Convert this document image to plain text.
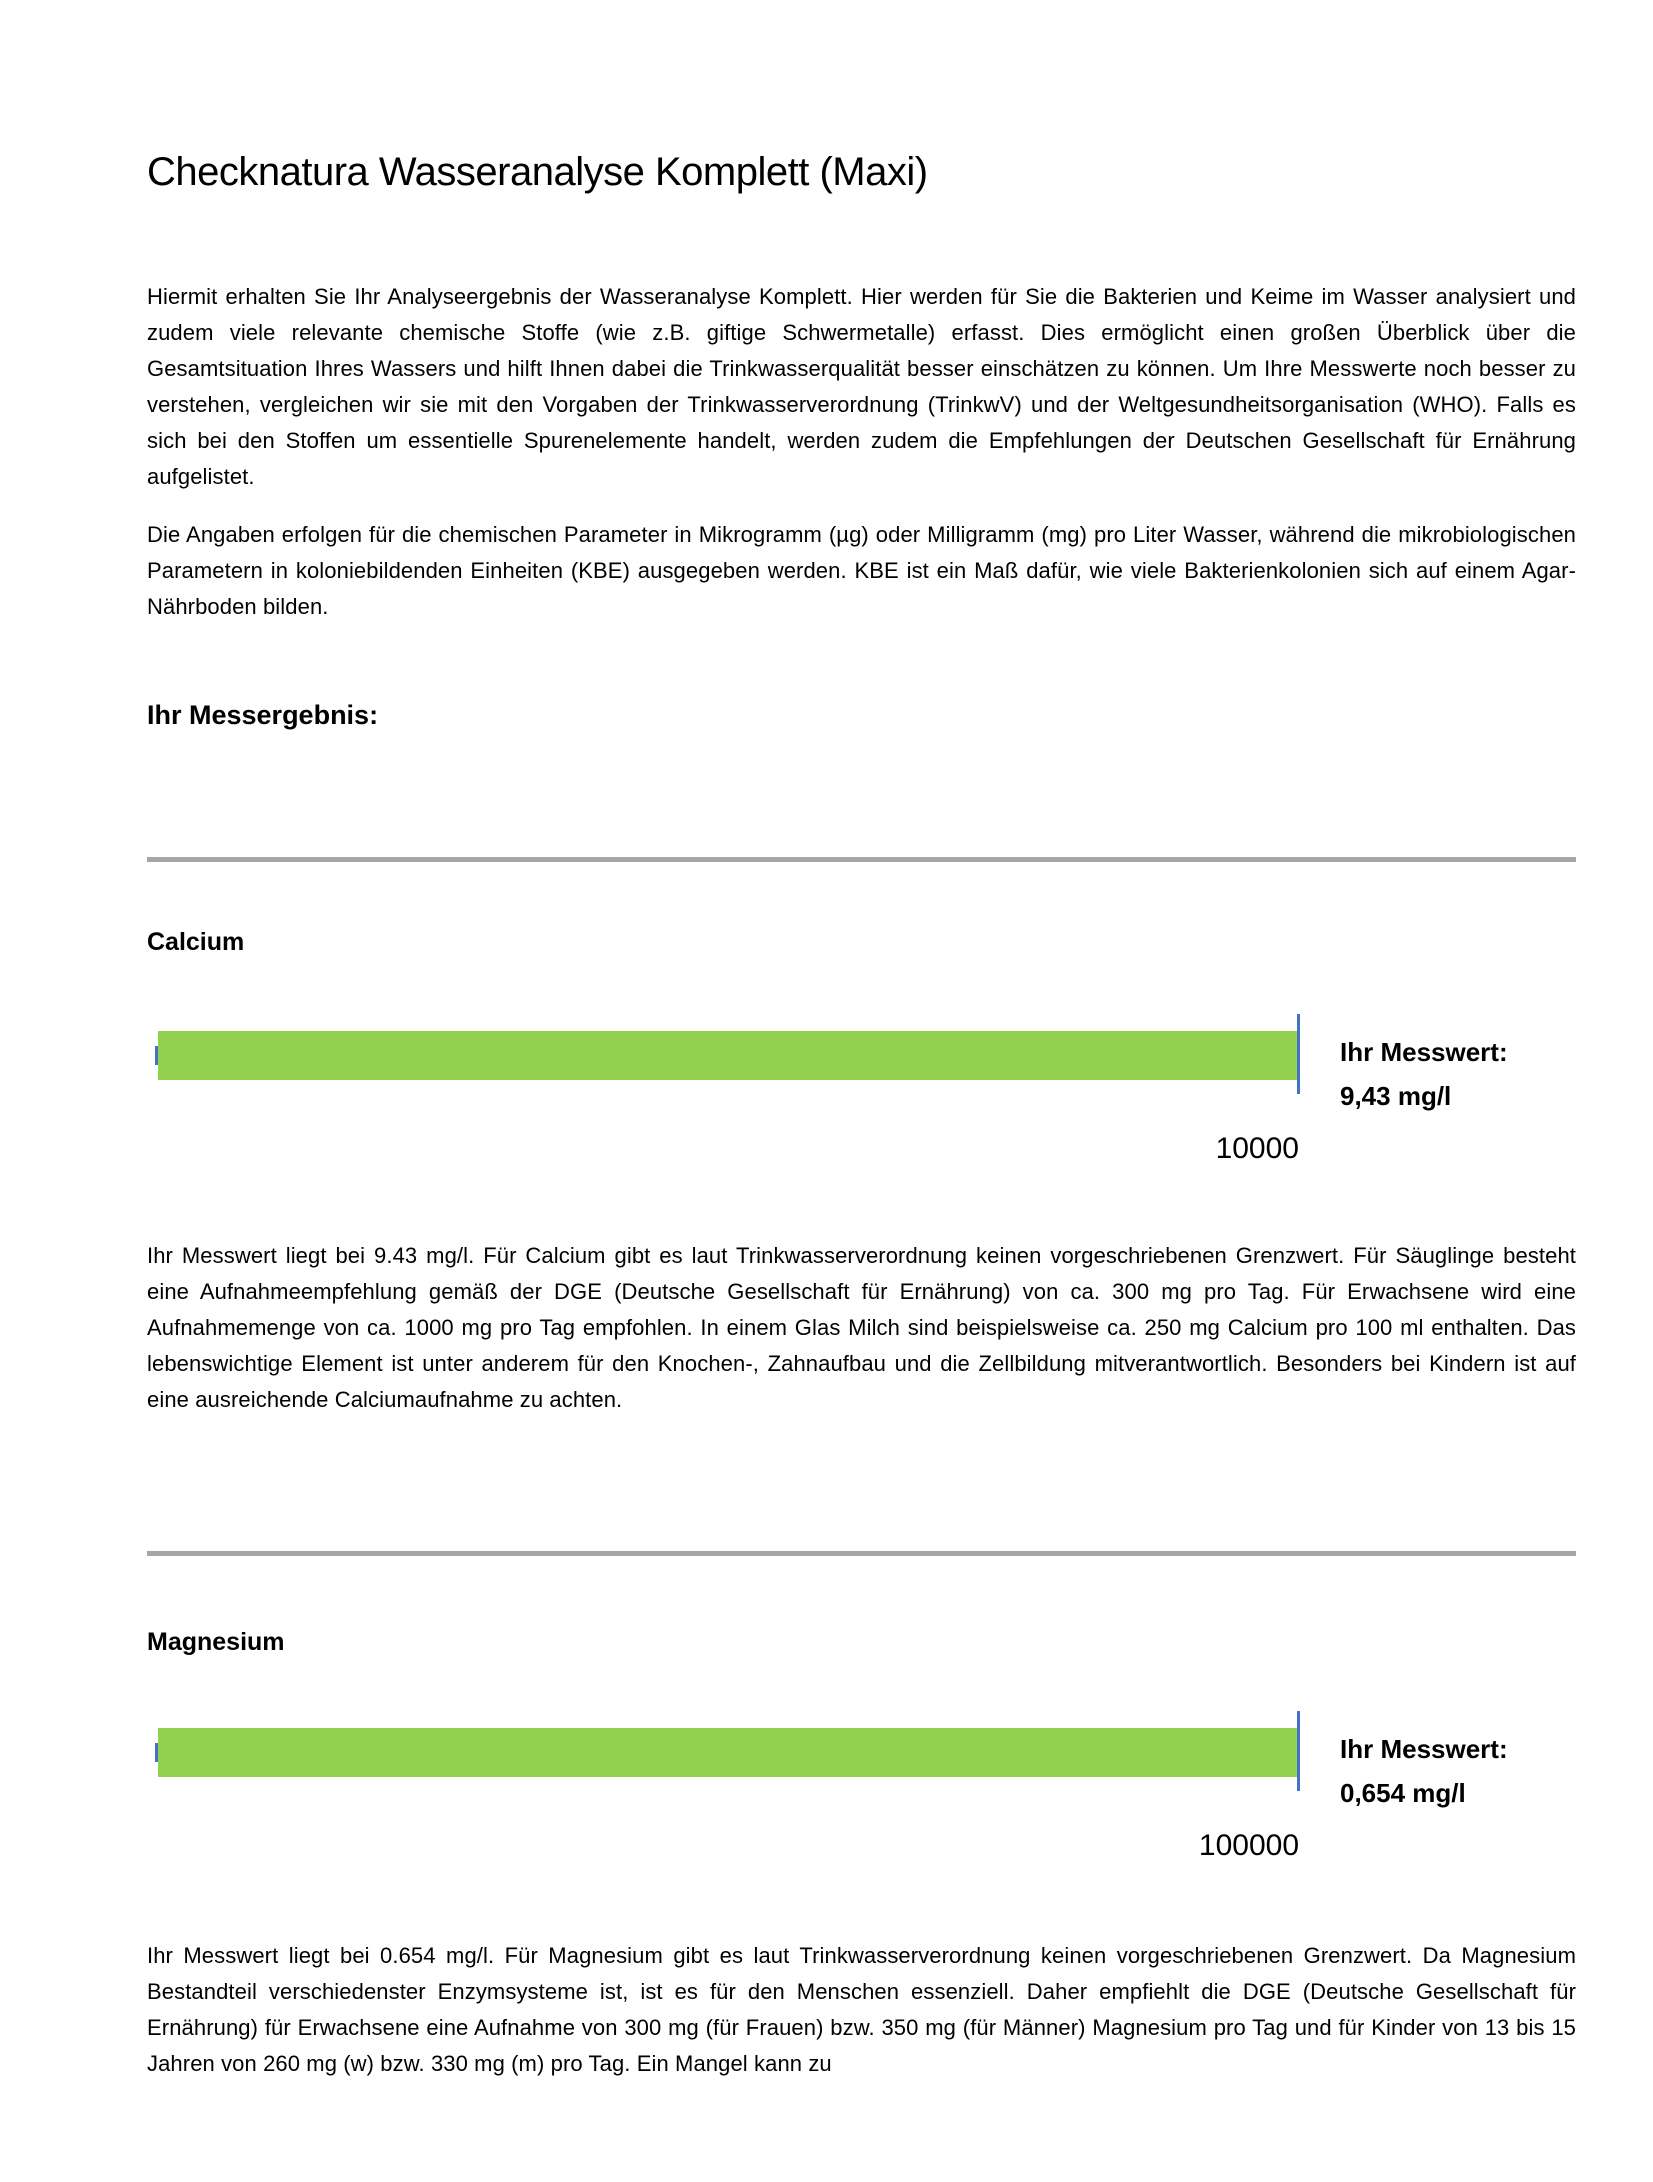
Checknatura Wasseranalyse Komplett (Maxi)

Hiermit erhalten Sie Ihr Analyseergebnis der Wasseranalyse Komplett. Hier werden für Sie die Bakterien und Keime im Wasser analysiert und zudem viele relevante chemische Stoffe (wie z.B. giftige Schwermetalle) erfasst. Dies ermöglicht einen großen Überblick über die Gesamtsituation Ihres Wassers und hilft Ihnen dabei die Trinkwasserqualität besser einschätzen zu können. Um Ihre Messwerte noch besser zu verstehen, vergleichen wir sie mit den Vorgaben der Trinkwasserverordnung (TrinkwV) und der Weltgesundheitsorganisation (WHO). Falls es sich bei den Stoffen um essentielle Spurenelemente handelt, werden zudem die Empfehlungen der Deutschen Gesellschaft für Ernährung aufgelistet.

Die Angaben erfolgen für die chemischen Parameter in Mikrogramm (µg) oder Milligramm (mg) pro Liter Wasser, während die mikrobiologischen Parametern in koloniebildenden Einheiten (KBE) ausgegeben werden. KBE ist ein Maß dafür, wie viele Bakterienkolonien sich auf einem Agar-Nährboden bilden.

Ihr Messergebnis:
Calcium
Ihr Messwert:
9,43 mg/l
10000

Ihr Messwert liegt bei 9.43 mg/l. Für Calcium gibt es laut Trinkwasserverordnung keinen vorgeschriebenen Grenzwert. Für Säuglinge besteht eine Aufnahmeempfehlung gemäß der DGE (Deutsche Gesellschaft für Ernährung) von ca. 300 mg pro Tag. Für Erwachsene wird eine Aufnahmemenge von ca. 1000 mg pro Tag empfohlen. In einem Glas Milch sind beispielsweise ca. 250 mg Calcium pro 100 ml enthalten. Das lebenswichtige Element ist unter anderem für den Knochen-, Zahnaufbau und die Zellbildung mitverantwortlich. Besonders bei Kindern ist auf eine ausreichende Calciumaufnahme zu achten.

Magnesium
Ihr Messwert:
0,654 mg/l
100000

Ihr Messwert liegt bei 0.654 mg/l. Für Magnesium gibt es laut Trinkwasserverordnung keinen vorgeschriebenen Grenzwert. Da Magnesium Bestandteil verschiedenster Enzymsysteme ist, ist es für den Menschen essenziell. Daher empfiehlt die DGE (Deutsche Gesellschaft für Ernährung) für Erwachsene eine Aufnahme von 300 mg (für Frauen) bzw. 350 mg (für Männer) Magnesium pro Tag und für Kinder von 13 bis 15 Jahren von 260 mg (w) bzw. 330 mg (m) pro Tag. Ein Mangel kann zu
